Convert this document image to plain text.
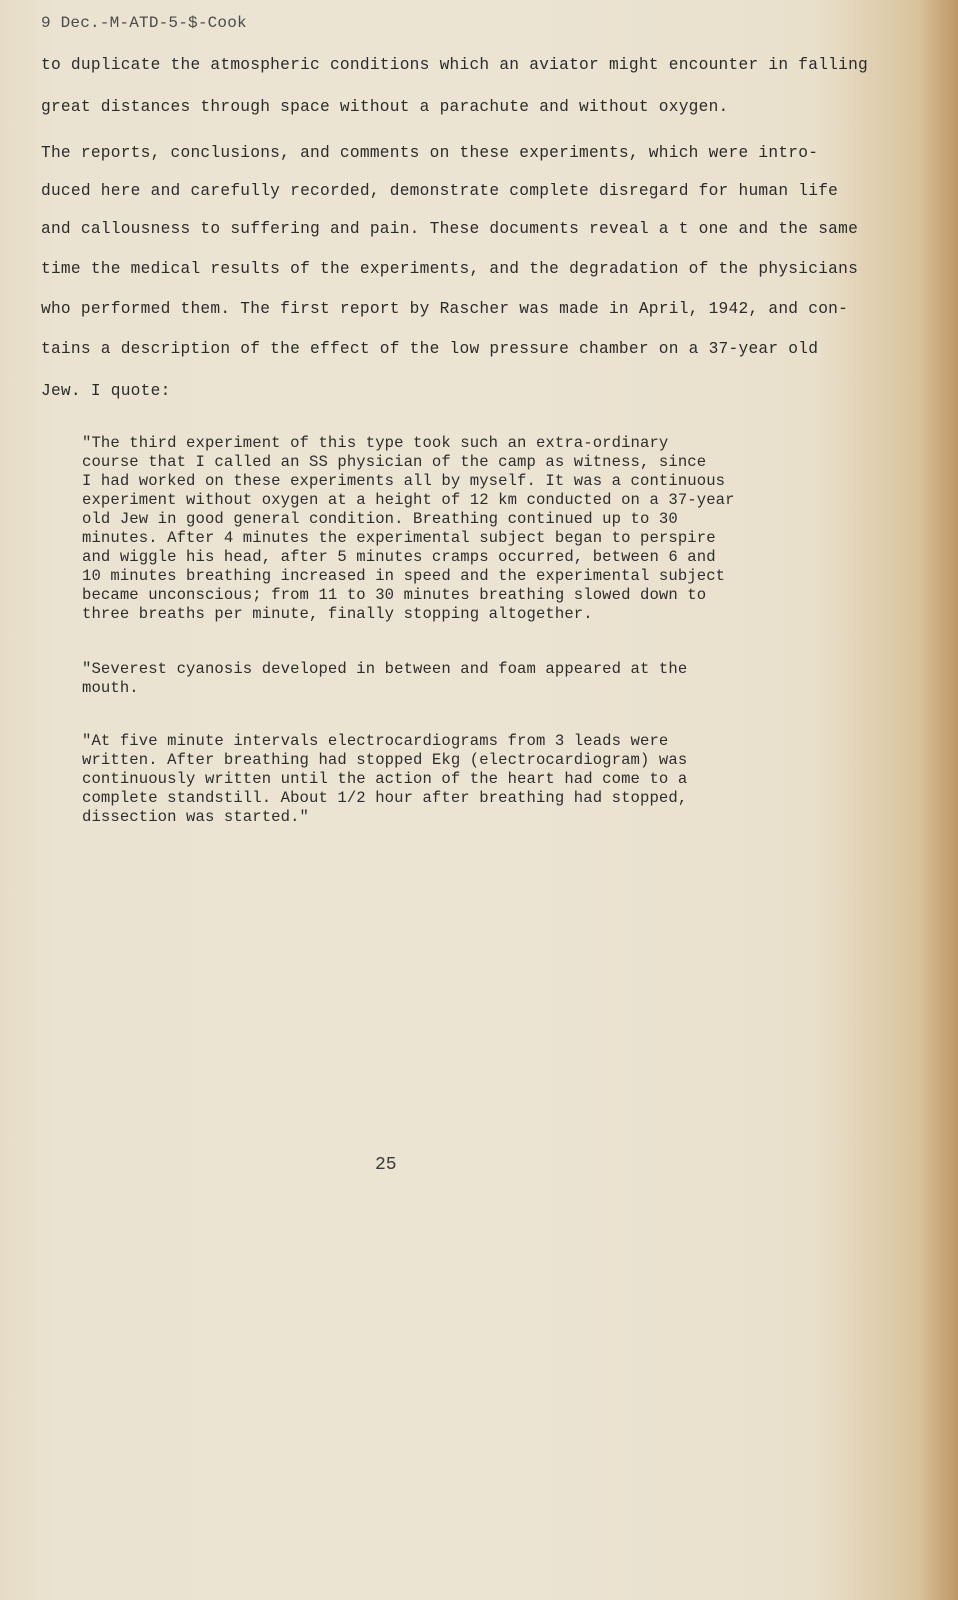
9 Dec.-M-ATD-5-$-Cook
to duplicate the atmospheric conditions which an aviator might encounter in falling
great distances through space without a parachute and without oxygen.
The reports, conclusions, and comments on these experiments, which were intro-
duced here and carefully recorded, demonstrate complete disregard for human life
and callousness to suffering and pain. These documents reveal a t one and the same
time the medical results of the experiments, and the degradation of the physicians
who performed them. The first report by Rascher was made in April, 1942, and con-
tains a description of the effect of the low pressure chamber on a 37-year old
Jew. I quote:
"The third experiment of this type took such an extra-ordinary
course that I called an SS physician of the camp as witness, since
I had worked on these experiments all by myself. It was a continuous
experiment without oxygen at a height of 12 km conducted on a 37-year
old Jew in good general condition. Breathing continued up to 30
minutes. After 4 minutes the experimental subject began to perspire
and wiggle his head, after 5 minutes cramps occurred, between 6 and
10 minutes breathing increased in speed and the experimental subject
became unconscious; from 11 to 30 minutes breathing slowed down to
three breaths per minute, finally stopping altogether.
"Severest cyanosis developed in between and foam appeared at the
mouth.
"At five minute intervals electrocardiograms from 3 leads were
written. After breathing had stopped Ekg (electrocardiogram) was
continuously written until the action of the heart had come to a
complete standstill. About 1/2 hour after breathing had stopped,
dissection was started."
25
